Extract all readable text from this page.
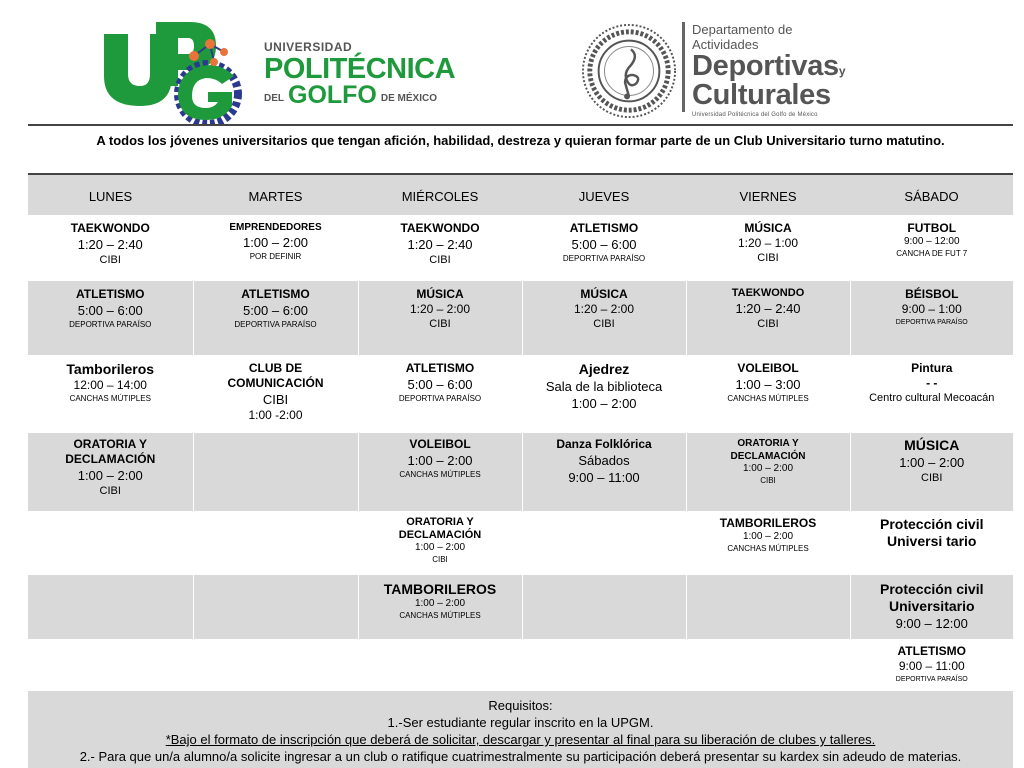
UNIVERSIDAD
POLITÉCNICA
DEL GOLFO DE MÉXICO
Departamento de
Actividades
Deportivasy
Culturales
Universidad Politécnica del Golfo de México
A todos los jóvenes universitarios que tengan afición, habilidad, destreza y quieran formar parte de un Club Universitario turno matutino.
LUNES	MARTES	MIÉRCOLES	JUEVES	VIERNES	SÁBADO

TAEKWONDO
1:20 – 2:40
CIBI	EMPRENDEDORES
1:00 – 2:00
POR DEFINIR	TAEKWONDO
1:20 – 2:40
CIBI	ATLETISMO
5:00 – 6:00
DEPORTIVA PARAÍSO	MÚSICA
1:20 – 1:00
CIBI	FUTBOL
9:00 – 12:00
CANCHA DE FUT 7

ATLETISMO
5:00 – 6:00
DEPORTIVA PARAÍSO	ATLETISMO
5:00 – 6:00
DEPORTIVA PARAÍSO	MÚSICA
1:20 – 2:00
CIBI	MÚSICA
1:20 – 2:00
CIBI	TAEKWONDO
1:20 – 2:40
CIBI	BÉISBOL
9:00 – 1:00
DEPORTIVA PARAÍSO

Tamborileros
12:00 – 14:00
CANCHAS MÚTIPLES	CLUB DE
COMUNICACIÓN
CIBI
1:00 -2:00	ATLETISMO
5:00 – 6:00
DEPORTIVA PARAÍSO	Ajedrez
Sala de la biblioteca
1:00 – 2:00	VOLEIBOL
1:00 – 3:00
CANCHAS MÚTIPLES	Pintura
- -
Centro cultural Mecoacán

ORATORIA Y
DECLAMACIÓN
1:00 – 2:00
CIBI		VOLEIBOL
1:00 – 2:00
CANCHAS MÚTIPLES	Danza Folklórica
Sábados
9:00 – 11:00	ORATORIA Y
DECLAMACIÓN
1:00 – 2:00
CIBI	MÚSICA
1:00 – 2:00
CIBI

		ORATORIA Y
DECLAMACIÓN
1:00 – 2:00
CIBI		TAMBORILEROS
1:00 – 2:00
CANCHAS MÚTIPLES	Protección civil
Universi tario

		TAMBORILEROS
1:00 – 2:00
CANCHAS MÚTIPLES			Protección civil
Universitario
9:00 – 12:00

					ATLETISMO
9:00 – 11:00
DEPORTIVA PARAÍSO
Requisitos:
1.-Ser estudiante regular inscrito en la UPGM.
*Bajo el formato de inscripción que deberá de solicitar, descargar y presentar al final para su liberación de clubes y talleres.
2.- Para que un/a alumno/a solicite ingresar a un club o ratifique cuatrimestralmente su participación deberá presentar su kardex sin adeudo de materias.
